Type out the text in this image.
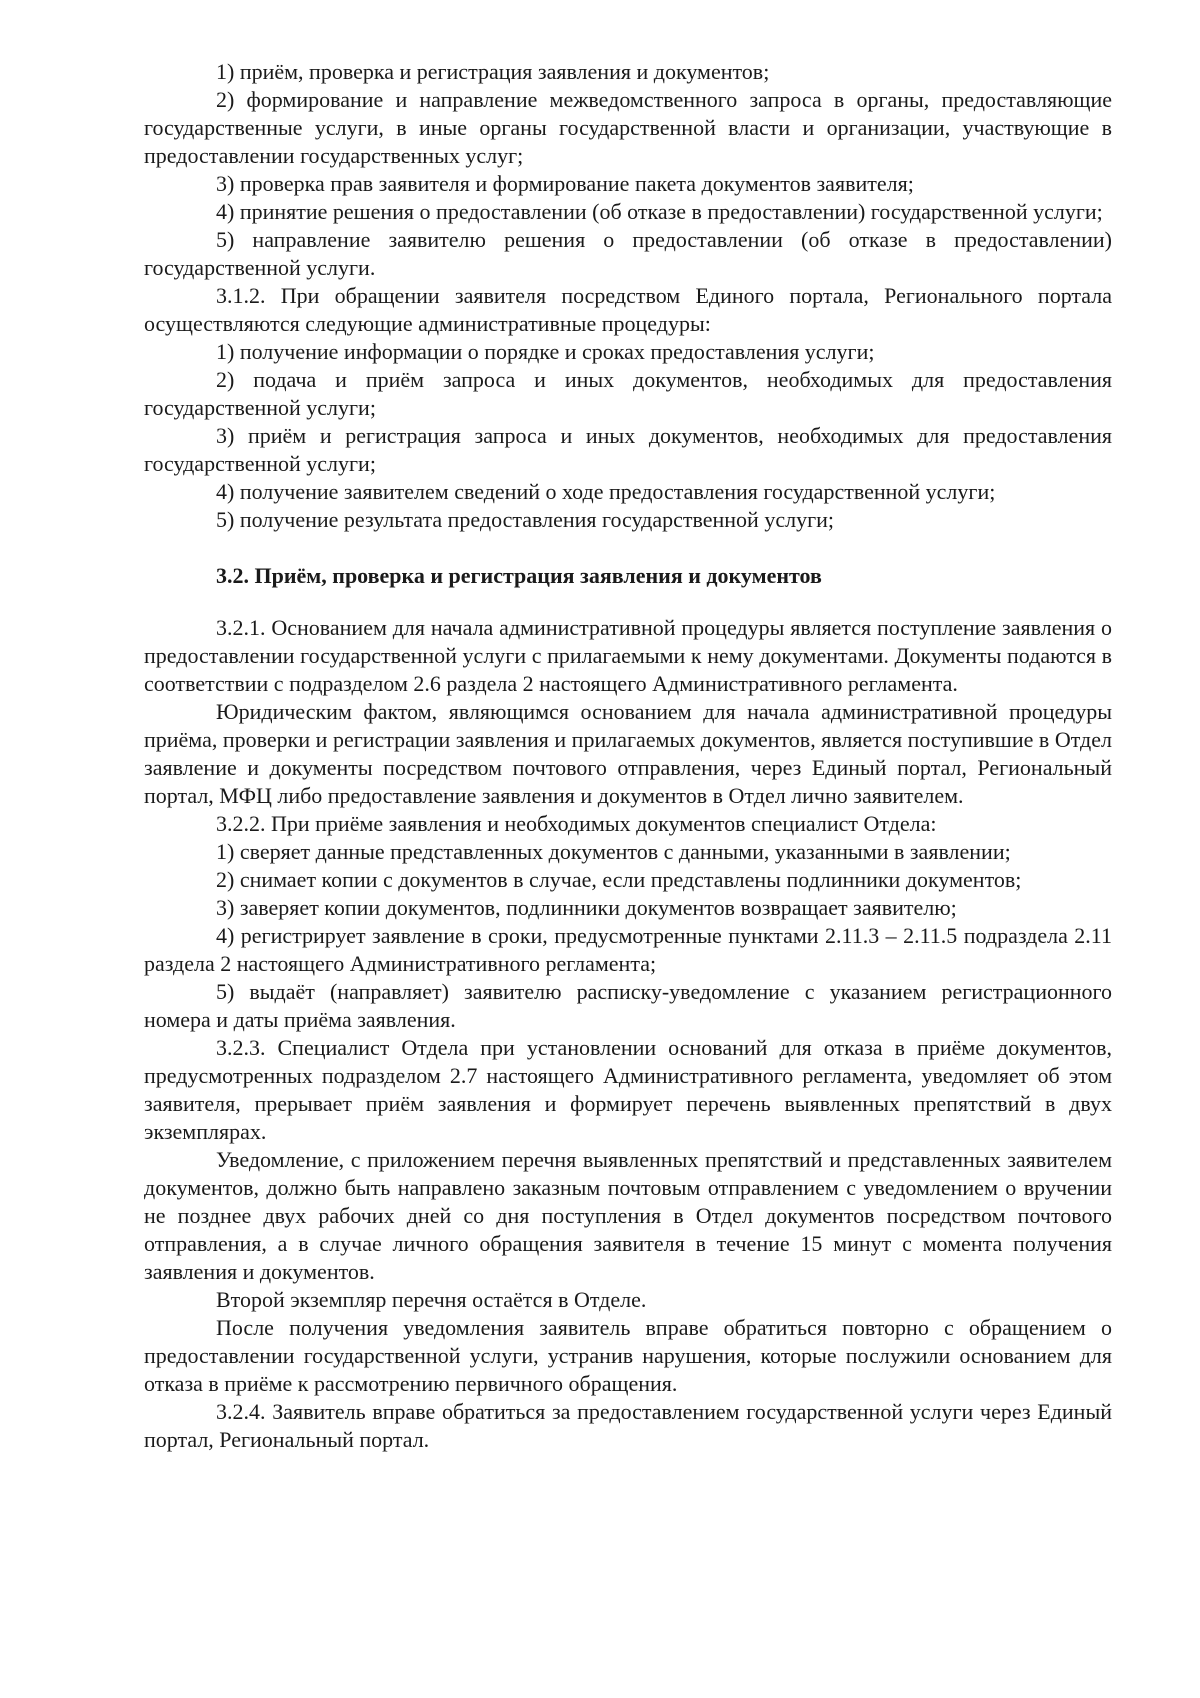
1) приём, проверка и регистрация заявления и документов;

2) формирование и направление межведомственного запроса в органы, предоставляющие государственные услуги, в иные органы государственной власти и организации, участвующие в предоставлении государственных услуг;

3) проверка прав заявителя и формирование пакета документов заявителя;

4) принятие решения о предоставлении (об отказе в предоставлении) государственной услуги;

5) направление заявителю решения о предоставлении (об отказе в предоставлении) государственной услуги.

3.1.2. При обращении заявителя посредством Единого портала, Регионального портала осуществляются следующие административные процедуры:

1) получение информации о порядке и сроках предоставления услуги;

2) подача и приём запроса и иных документов, необходимых для предоставления государственной услуги;

3) приём и регистрация запроса и иных документов, необходимых для предоставления государственной услуги;

4) получение заявителем сведений о ходе предоставления государственной услуги;

5) получение результата предоставления государственной услуги;

3.2. Приём, проверка и регистрация заявления и документов

3.2.1. Основанием для начала административной процедуры является поступление заявления о предоставлении государственной услуги с прилагаемыми к нему документами. Документы подаются в соответствии с подразделом 2.6 раздела 2 настоящего Административного регламента.

Юридическим фактом, являющимся основанием для начала административной процедуры приёма, проверки и регистрации заявления и прилагаемых документов, является поступившие в Отдел заявление и документы посредством почтового отправления, через Единый портал, Региональный портал, МФЦ либо предоставление заявления и документов в Отдел лично заявителем.

3.2.2. При приёме заявления и необходимых документов специалист Отдела:

1) сверяет данные представленных документов с данными, указанными в заявлении;

2) снимает копии с документов в случае, если представлены подлинники документов;

3) заверяет копии документов, подлинники документов возвращает заявителю;

4) регистрирует заявление в сроки, предусмотренные пунктами 2.11.3 – 2.11.5 подраздела 2.11 раздела 2 настоящего Административного регламента;

5) выдаёт (направляет) заявителю расписку-уведомление с указанием регистрационного номера и даты приёма заявления.

3.2.3. Специалист Отдела при установлении оснований для отказа в приёме документов, предусмотренных подразделом 2.7 настоящего Административного регламента, уведомляет об этом заявителя, прерывает приём заявления и формирует перечень выявленных препятствий в двух экземплярах.

Уведомление, с приложением перечня выявленных препятствий и представленных заявителем документов, должно быть направлено заказным почтовым отправлением с уведомлением о вручении не позднее двух рабочих дней со дня поступления в Отдел документов посредством почтового отправления, а в случае личного обращения заявителя в течение 15 минут с момента получения заявления и документов.

Второй экземпляр перечня остаётся в Отделе.

После получения уведомления заявитель вправе обратиться повторно с обращением о предоставлении государственной услуги, устранив нарушения, которые послужили основанием для отказа в приёме к рассмотрению первичного обращения.

3.2.4. Заявитель вправе обратиться за предоставлением государственной услуги через Единый портал, Региональный портал.
